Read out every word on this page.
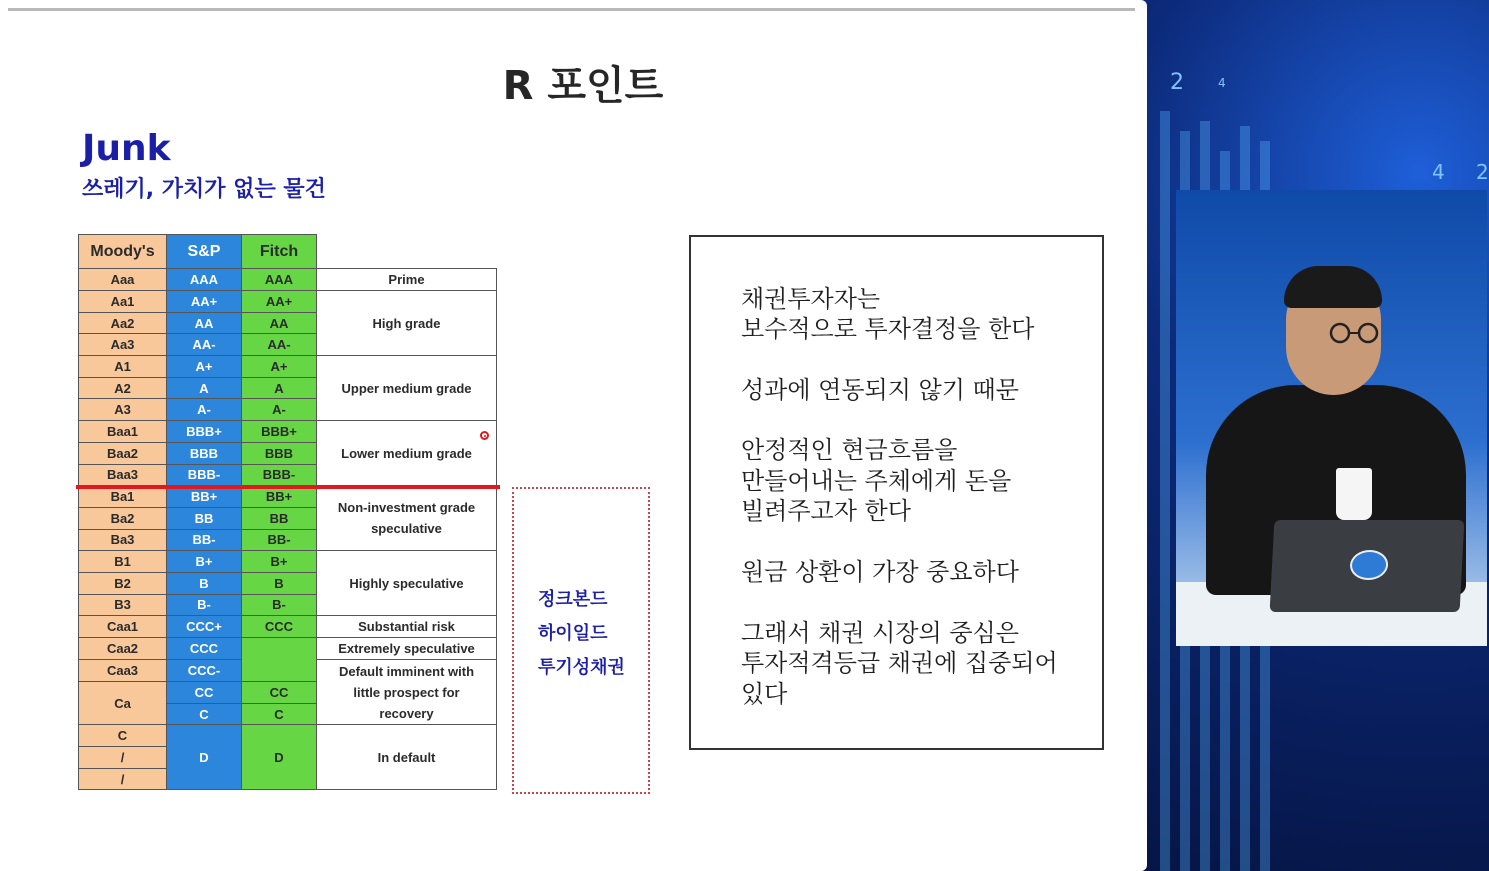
2	4
4 2
R 포인트
Junk
쓰레기, 가치가 없는 물건
Moody's	S&P	Fitch	
Aaa	AAA	AAA	Prime
Aa1	AA+	AA+	High grade
Aa2	AA	AA	
Aa3	AA-	AA-	
A1	A+	A+	Upper medium grade
A2	A	A	
A3	A-	A-	
Baa1	BBB+	BBB+	Lower medium grade
Baa2	BBB	BBB	
Baa3	BBB-	BBB-	
Ba1	BB+	BB+	Non-investment grade
speculative

Ba2	BB	BB	
Ba3	BB-	BB-	
B1	B+	B+	Highly speculative
B2	B	B	
B3	B-	B-	
Caa1	CCC+	CCC	Substantial risk
Caa2	CCC		Extremely speculative
Caa3	CCC-		Default imminent with
little prospect for
recovery

Ca	CC	CC	
	C	C	
C	D	D	In default
/			
/			
정크본드
하이일드
투기성채권
채권투자자는
보수적으로 투자결정을 한다
성과에 연동되지 않기 때문
안정적인 현금흐름을
만들어내는 주체에게 돈을
빌려주고자 한다
원금 상환이 가장 중요하다
그래서 채권 시장의 중심은
투자적격등급 채권에 집중되어
있다
